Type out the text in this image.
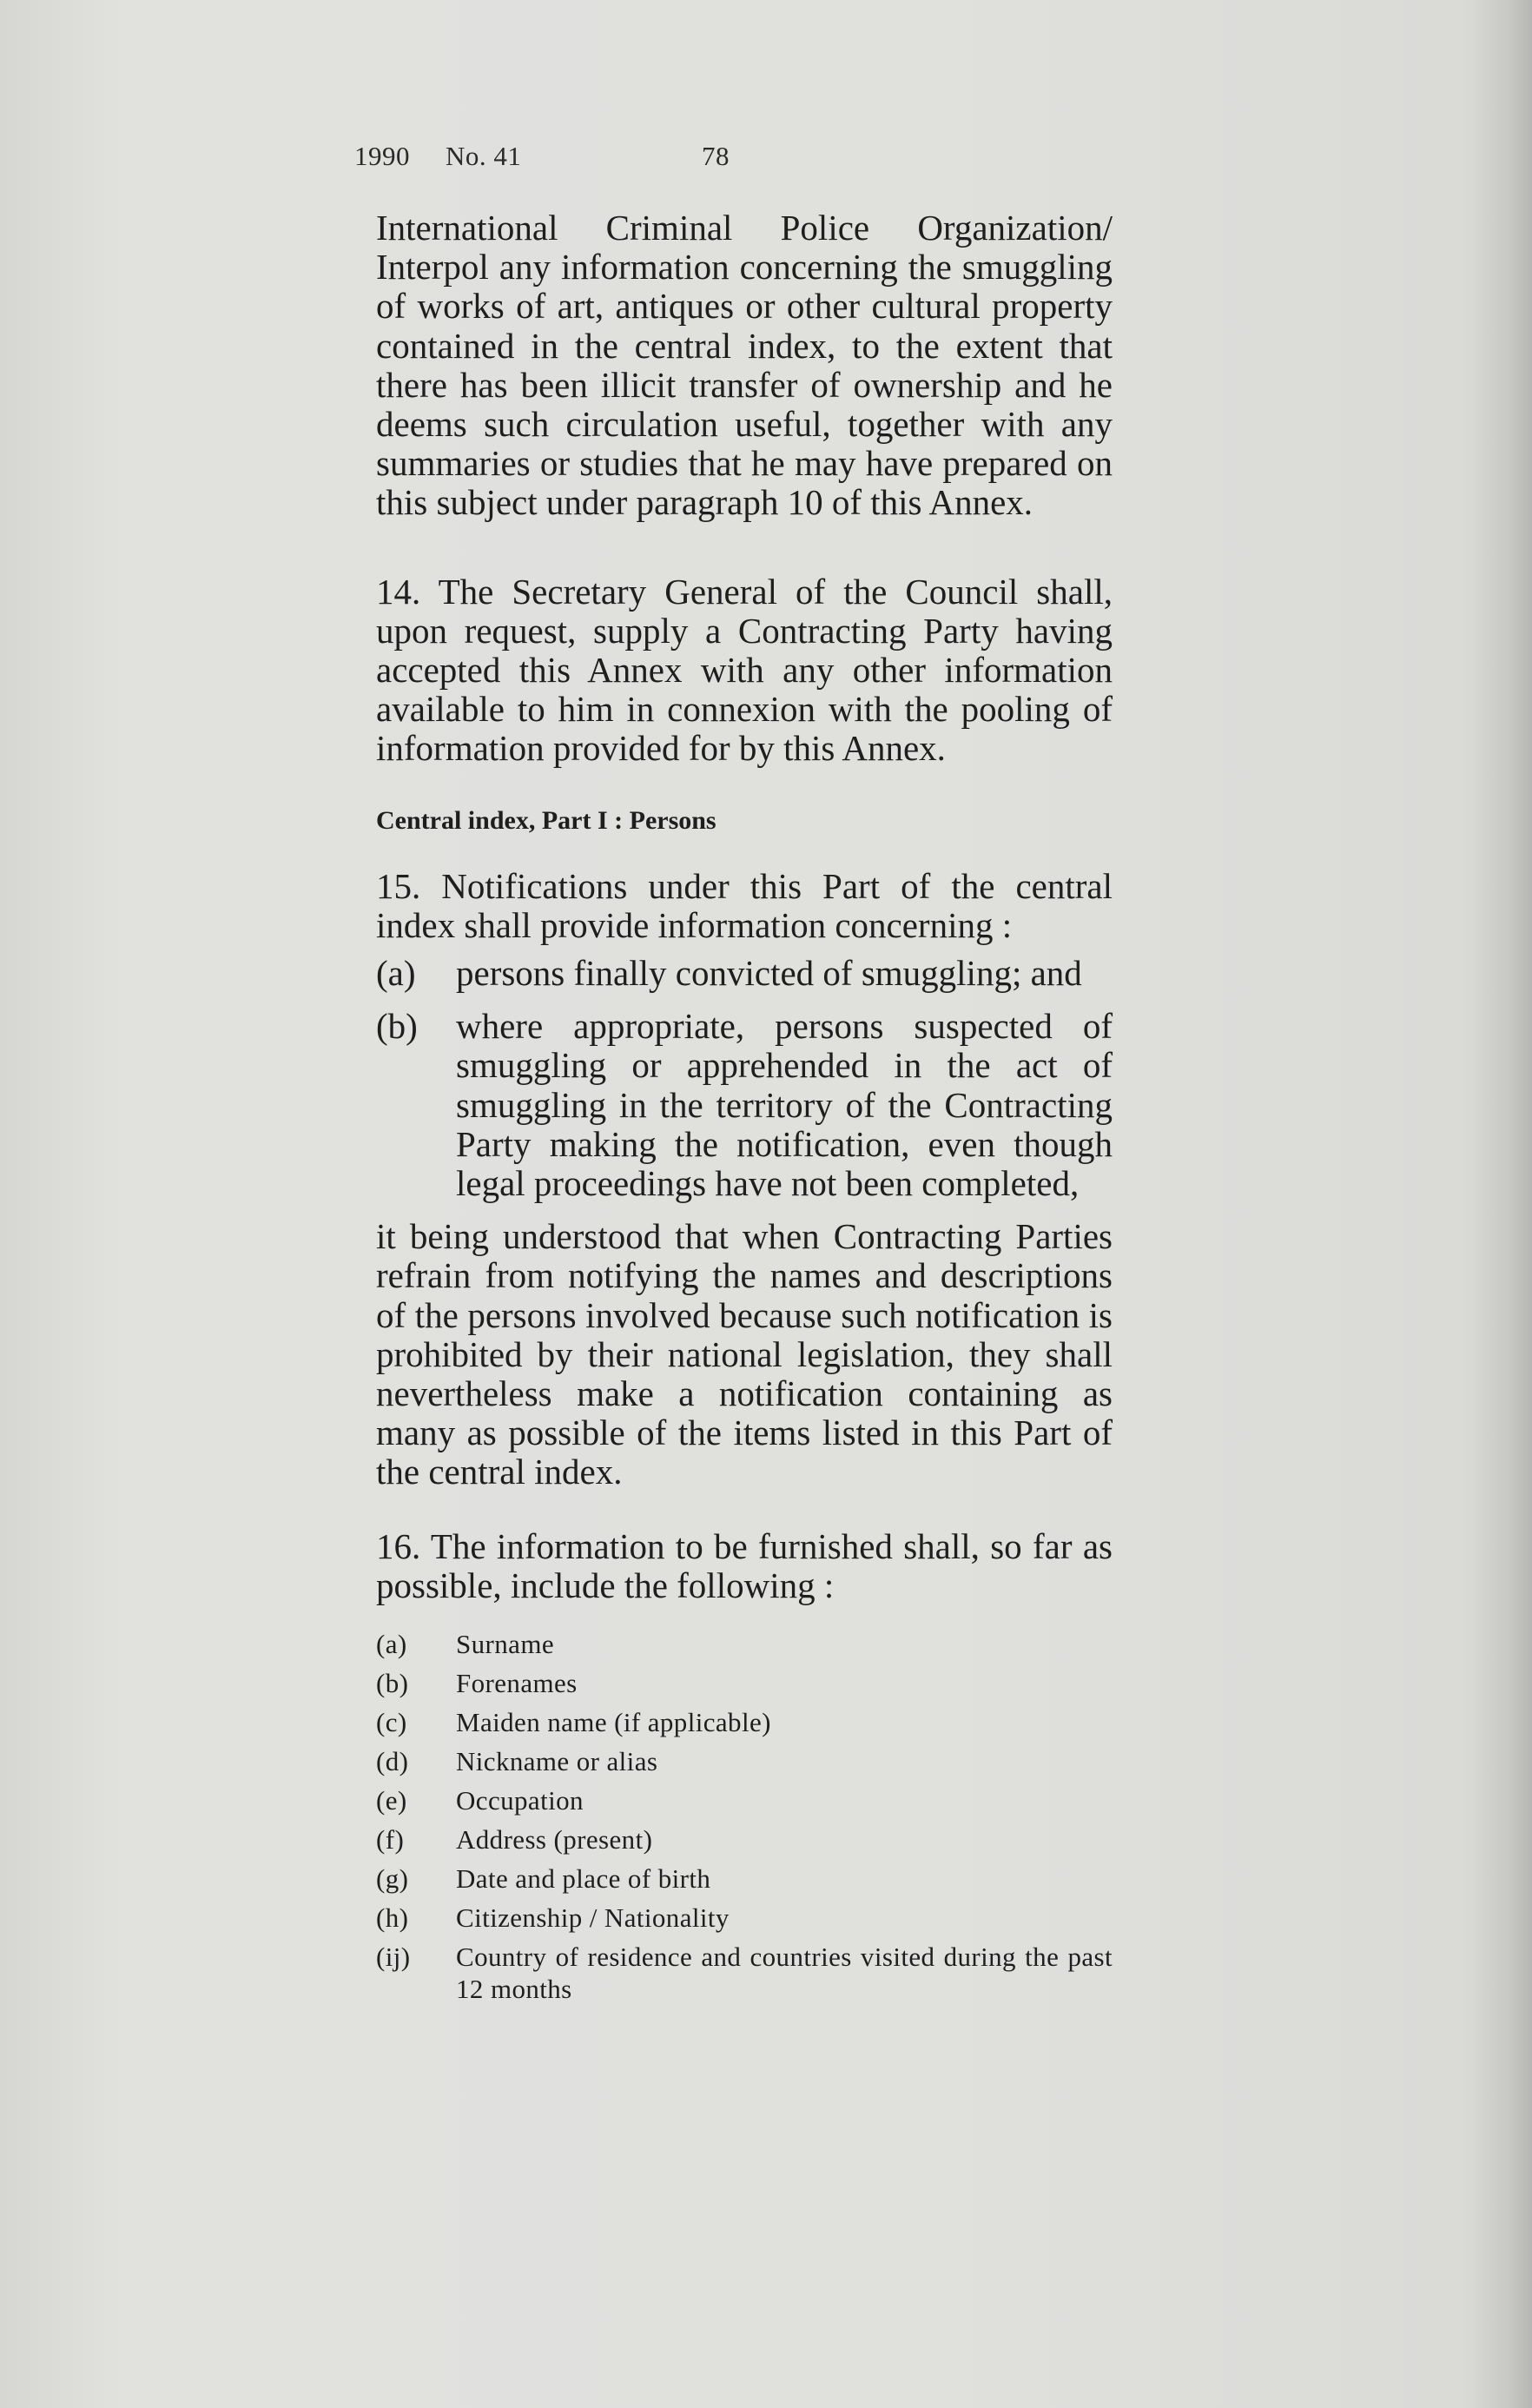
1990 No. 41	78

International Criminal Police Organization/ Interpol any information concerning the smuggling of works of art, antiques or other cultural property contained in the central index, to the extent that there has been illicit transfer of ownership and he deems such circulation useful, together with any summaries or studies that he may have prepared on this subject under paragraph 10 of this Annex.

14. The Secretary General of the Council shall, upon request, supply a Contracting Party having accepted this Annex with any other information available to him in connexion with the pooling of information provided for by this Annex.

Central index, Part I : Persons

15. Notifications under this Part of the central index shall provide information concerning :

(a)	persons finally convicted of smuggling; and
(b)	where appropriate, persons suspected of smuggling or apprehended in the act of smuggling in the territory of the Contracting Party making the notification, even though legal proceedings have not been completed,

it being understood that when Contracting Parties refrain from notifying the names and descriptions of the persons involved because such notification is prohibited by their national legislation, they shall nevertheless make a notification containing as many as possible of the items listed in this Part of the central index.

16. The information to be furnished shall, so far as possible, include the following :

(a)	Surname
(b)	Forenames
(c)	Maiden name (if applicable)
(d)	Nickname or alias
(e)	Occupation
(f)	Address (present)
(g)	Date and place of birth
(h)	Citizenship / Nationality
(ij)	Country of residence and countries visited during the past 12 months
